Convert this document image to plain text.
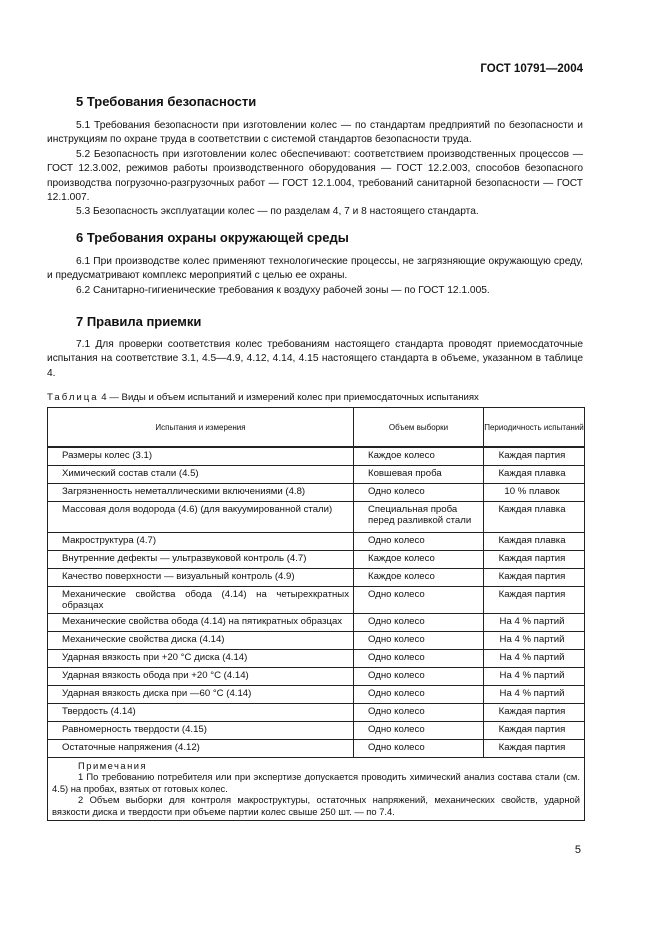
ГОСТ 10791—2004
5 Требования безопасности
5.1 Требования безопасности при изготовлении колес — по стандартам предприятий по безопасности и инструкциям по охране труда в соответствии с системой стандартов безопасности труда.
5.2 Безопасность при изготовлении колес обеспечивают: соответствием производственных процессов — ГОСТ 12.3.002, режимов работы производственного оборудования — ГОСТ 12.2.003, способов безопасного производства погрузочно-разгрузочных работ — ГОСТ 12.1.004, требований санитарной безопасности — ГОСТ 12.1.007.
5.3 Безопасность эксплуатации колес — по разделам 4, 7 и 8 настоящего стандарта.
6 Требования охраны окружающей среды
6.1 При производстве колес применяют технологические процессы, не загрязняющие окружающую среду, и предусматривают комплекс мероприятий с целью ее охраны.
6.2 Санитарно-гигиенические требования к воздуху рабочей зоны — по ГОСТ 12.1.005.
7 Правила приемки
7.1 Для проверки соответствия колес требованиям настоящего стандарта проводят приемосдаточные испытания на соответствие 3.1, 4.5—4.9, 4.12, 4.14, 4.15 настоящего стандарта в объеме, указанном в таблице 4.
Таблица 4 — Виды и объем испытаний и измерений колес при приемосдаточных испытаниях
Испытания и измерения	Объем выборки	Периодичность испытаний
Размеры колес (3.1)	Каждое колесо	Каждая партия
Химический состав стали (4.5)	Ковшевая проба	Каждая плавка
Загрязненность неметаллическими включениями (4.8)	Одно колесо	10 % плавок
Массовая доля водорода (4.6) (для вакуумированной стали)	Специальная проба перед разливкой стали	Каждая плавка
Макроструктура (4.7)	Одно колесо	Каждая плавка
Внутренние дефекты — ультразвуковой контроль (4.7)	Каждое колесо	Каждая партия
Качество поверхности — визуальный контроль (4.9)	Каждое колесо	Каждая партия
Механические свойства обода (4.14) на четырехкратных образцах	Одно колесо	Каждая партия
Механические свойства обода (4.14) на пятикратных образцах	Одно колесо	На 4 % партий
Механические свойства диска (4.14)	Одно колесо	На 4 % партий
Ударная вязкость при +20 °С диска (4.14)	Одно колесо	На 4 % партий
Ударная вязкость обода при +20 °С (4.14)	Одно колесо	На 4 % партий
Ударная вязкость диска при —60 °С (4.14)	Одно колесо	На 4 % партий
Твердость (4.14)	Одно колесо	Каждая партия
Равномерность твердости (4.15)	Одно колесо	Каждая партия
Остаточные напряжения (4.12)	Одно колесо	Каждая партия

Примечания
1 По требованию потребителя или при экспертизе допускается проводить химический анализ состава стали (см. 4.5) на пробах, взятых от готовых колес.
2 Объем выборки для контроля макроструктуры, остаточных напряжений, механических свойств, ударной вязкости диска и твердости при объеме партии колес свыше 250 шт. — по 7.4.		
5
